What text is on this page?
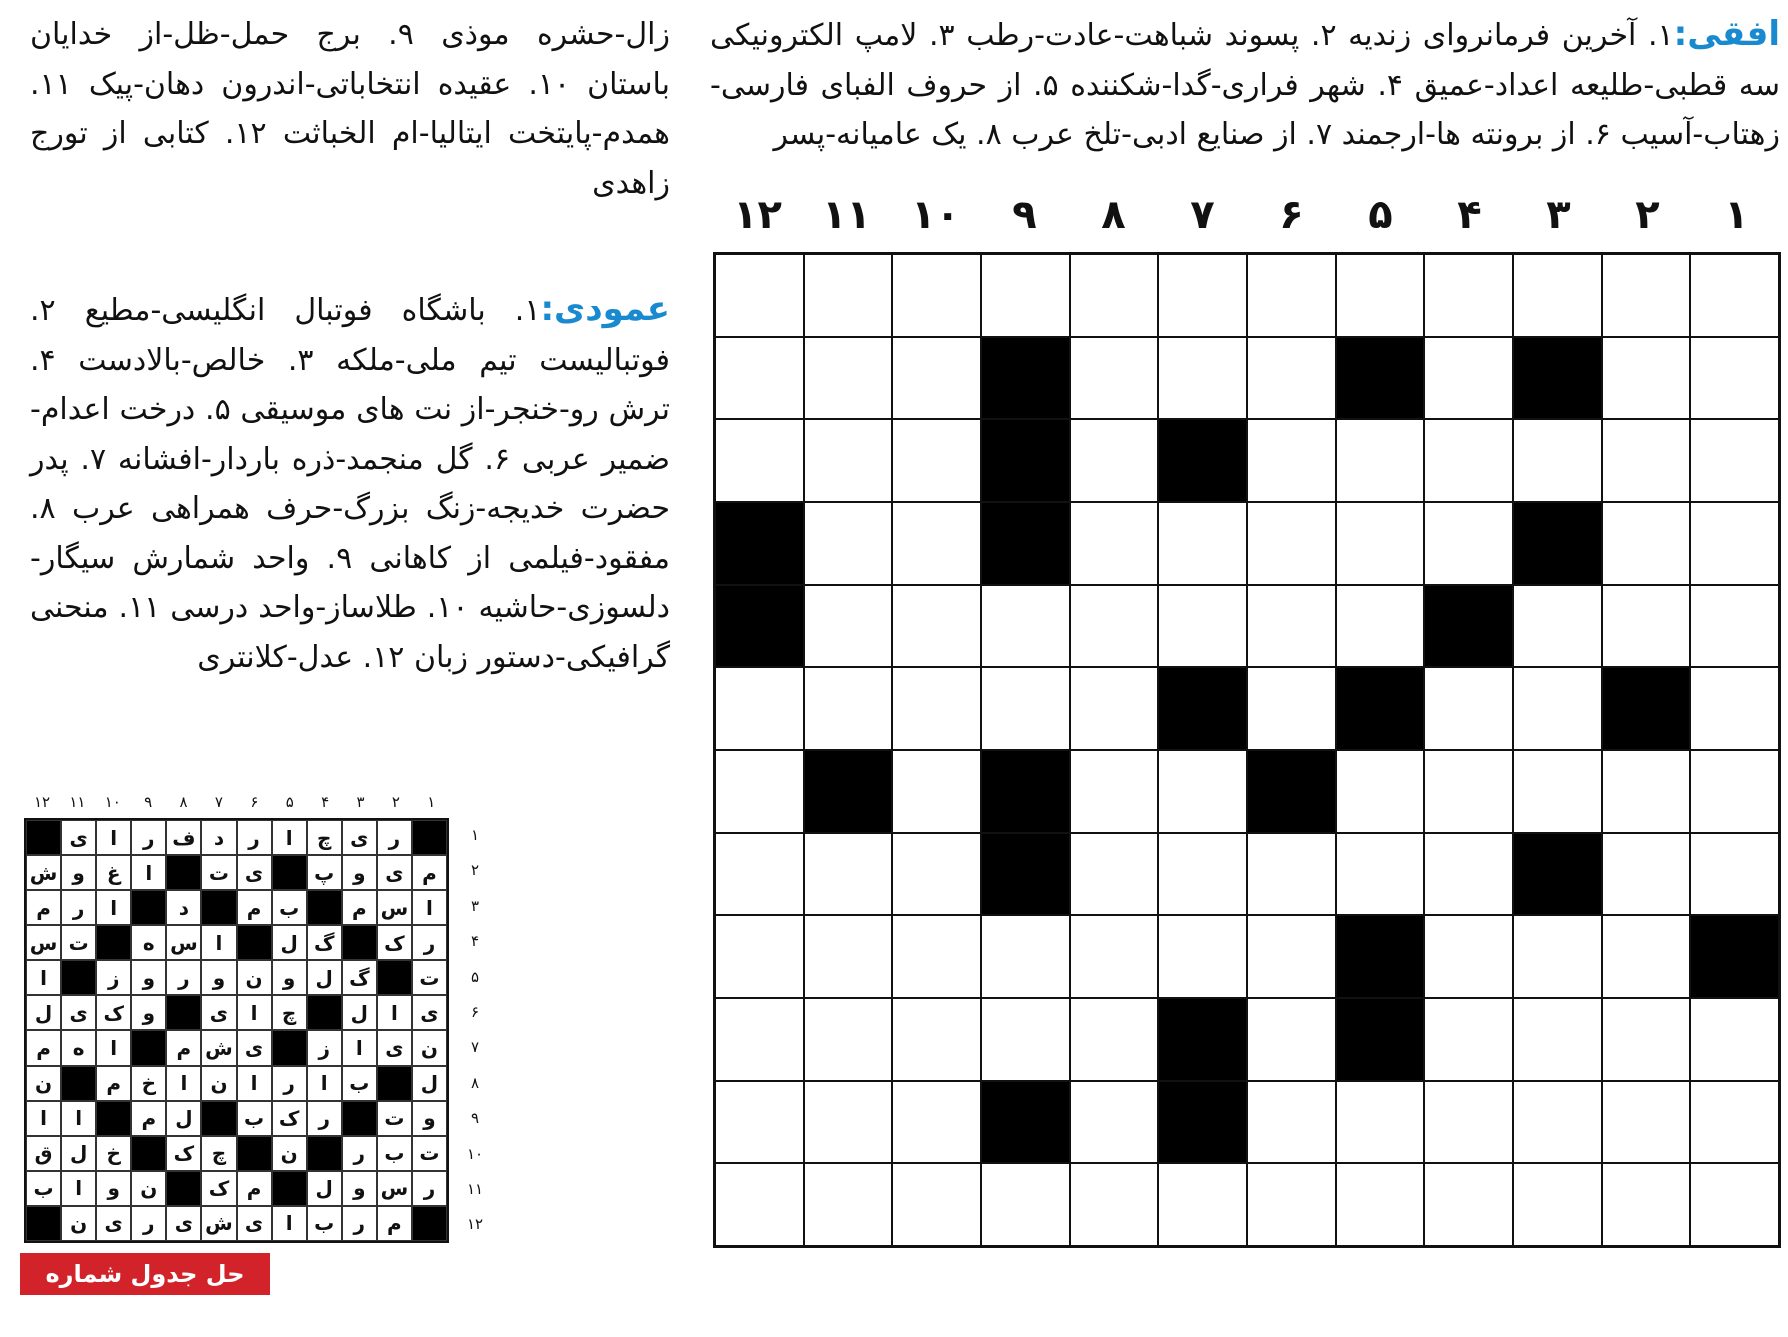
افقی:۱. آخرین فرمانروای زندیه ۲. پسوند شباهت-عادت-رطب ۳. لامپ الکترونیکی سه قطبی-طلیعه اعداد-عمیق ۴. شهر فراری-گدا-شکننده ۵. از حروف الفبای فارسی-زهتاب-آسیب ۶. از برونته ها-ارجمند ۷. از صنایع ادبی-تلخ عرب ۸. یک عامیانه-پسر
زال-حشره موذی ۹. برج حمل-ظل-از خدایان باستان ۱۰. عقیده انتخاباتی-اندرون دهان-پیک ۱۱. همدم-پایتخت ایتالیا-ام الخباثت ۱۲. کتابی از تورج زاهدی
عمودی:۱. باشگاه فوتبال انگلیسی-مطیع ۲. فوتبالیست تیم ملی-ملکه ۳. خالص-بالادست ۴. ترش رو-خنجر-از نت های موسیقی ۵. درخت اعدام-ضمیر عربی ۶. گل منجمد-ذره باردار-افشانه ۷. پدر حضرت خدیجه-زنگ بزرگ-حرف همراهی عرب ۸. مفقود-فیلمی از کاهانی ۹. واحد شمارش سیگار-دلسوزی-حاشیه ۱۰. طلاساز-واحد درسی ۱۱. منحنی گرافیکی-دستور زبان ۱۲. عدل-کلانتری
۱
۲
۳
۴
۵
۶
۷
۸
۹
۱۰
۱۱
۱۲
۱
۲
۳
۴
۵
۶
۷
۸
۹
۱۰
۱۱
۱۲
۱
۲
۳
۴
۵
۶
۷
۸
۹
۱۰
۱۱
۱۲
ر
ی
چ
ا
ر
د
ف
ر
ا
ی
م
ی
و
پ
ی
ت
ا
غ
و
ش
ا
س
م
ب
م
د
ا
ر
م
ر
ک
گ
ل
ا
س
ه
ت
س
ت
گ
ل
و
ن
و
ر
و
ز
ا
ی
ا
ل
چ
ا
ی
و
ک
ی
ل
ن
ی
ا
ز
ی
ش
م
ا
ه
م
ل
ب
ا
ر
ا
ن
ا
خ
م
ن
و
ت
ر
ک
ب
ل
م
ا
ا
ت
ب
ر
ن
چ
ک
خ
ل
ق
ر
س
و
ل
م
ک
ن
و
ا
ب
م
ر
ب
ا
ی
ش
ی
ر
ی
ن
حل جدول شماره ۱۸۲۸
